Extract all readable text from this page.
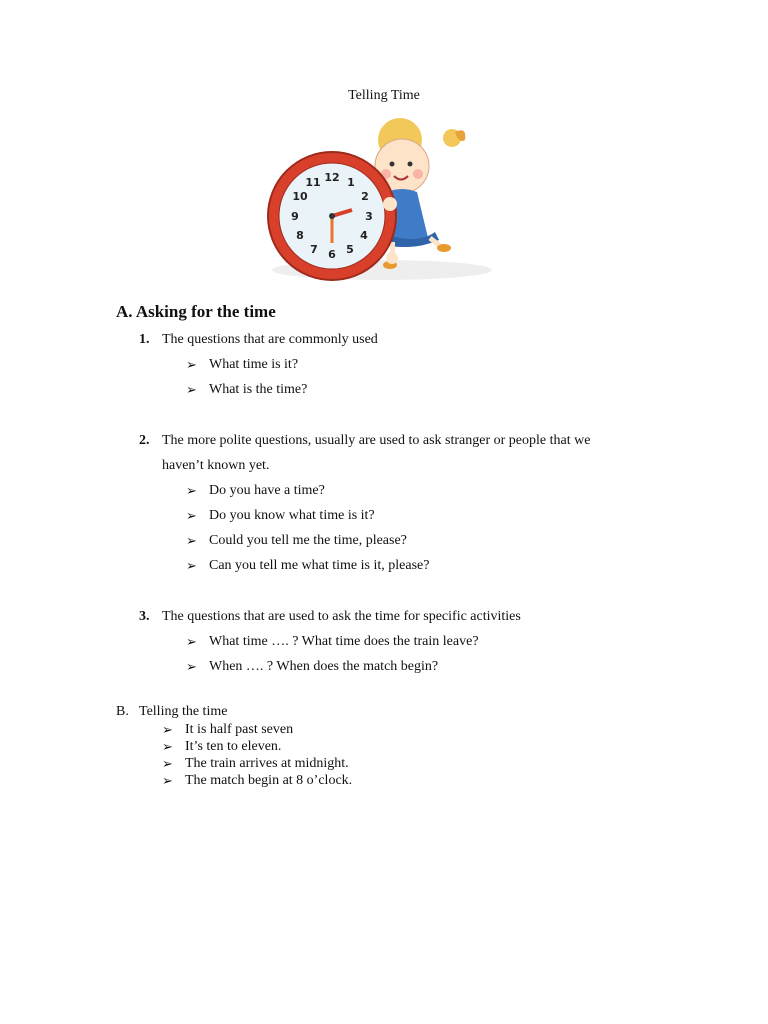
Telling Time
12 1
2
3
4
5
6
7
8
9
10
11
A. Asking for the time
1. The questions that are commonly used
➢ What time is it?
➢ What is the time?
2. The more polite questions, usually are used to ask stranger or people that we
haven’t known yet.
➢ Do you have a time?
➢ Do you know what time is it?
➢ Could you tell me the time, please?
➢ Can you tell me what time is it, please?
3. The questions that are used to ask the time for specific activities
➢ What time …. ? What time does the train leave?
➢ When …. ? When does the match begin?
B. Telling the time
➢ It is half past seven
➢ It’s ten to eleven.
➢ The train arrives at midnight.
➢ The match begin at 8 o’clock.
